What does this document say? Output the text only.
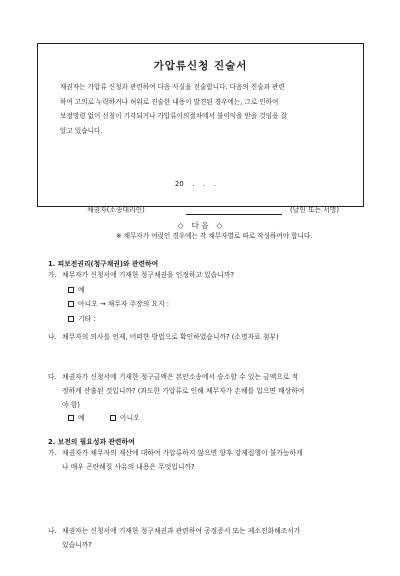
가압류신청 진술서
채권자는 가압류 신청과 관련하여 다음 사실을 진술합니다. 다음의 진술과 관련
하여 고의로 누락하거나 허위로 진술한 내용이 발견된 경우에는, 그로 인하여
보정명령 없이 신청이 기각되거나 가압류이의절차에서 불이익을 받을 것임을 잘
알고 있습니다.
20    .    .    .
채권자(소송대리인)	(날인 또는 서명)
※ 채무자가 여럿인 경우에는 각 채무자별로 따로 작성하여야 합니다.
◇ 다 음 ◇
1. 피보전권리(청구채권)와 관련하여
가. 채무자가 신청서에 기재한 청구채권을 인정하고 있습니까?
예
아니오 → 채무자 주장의 요지 :
기타 :
나. 채무자의 의사를 언제, 어떠한 방법으로 확인하였습니까? (소명자료 첨부)
다. 채권자가 신청서에 기재한 청구금액은 본안소송에서 승소할 수 있는 금액으로 적
정하게 산출된 것입니까? (과도한 가압류로 인해 채무자가 손해를 입으면 배상하여
야 함)
예	아니오
2. 보전의 필요성과 관련하여
가. 채권자가 채무자의 재산에 대하여 가압류하지 않으면 향후 강제집행이 불가능하게
나 매우 곤란해질 사유의 내용은 무엇입니까?
나. 채권자는 신청서에 기재한 청구채권과 관련하여 공정증서 또는 제소전화해조서가
있습니까?
